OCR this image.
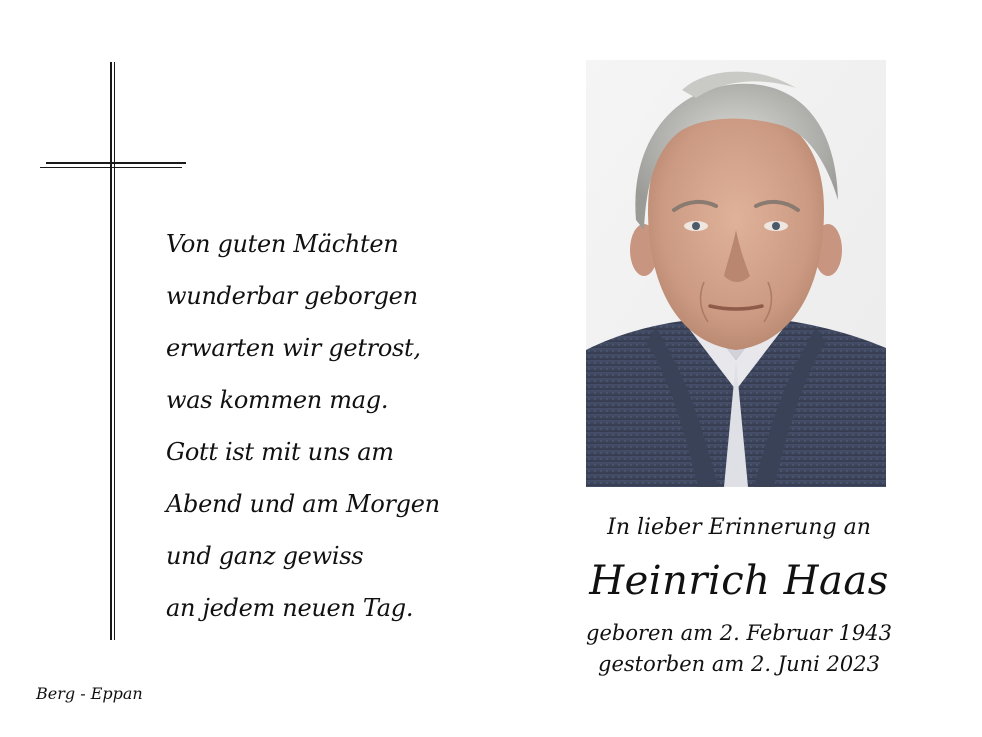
Von guten Mächten
wunderbar geborgen
erwarten wir getrost,
was kommen mag.
Gott ist mit uns am
Abend und am Morgen
und ganz gewiss
an jedem neuen Tag.
Berg - Eppan
In lieber Erinnerung an
Heinrich Haas
geboren am 2. Februar 1943
gestorben am 2. Juni 2023
